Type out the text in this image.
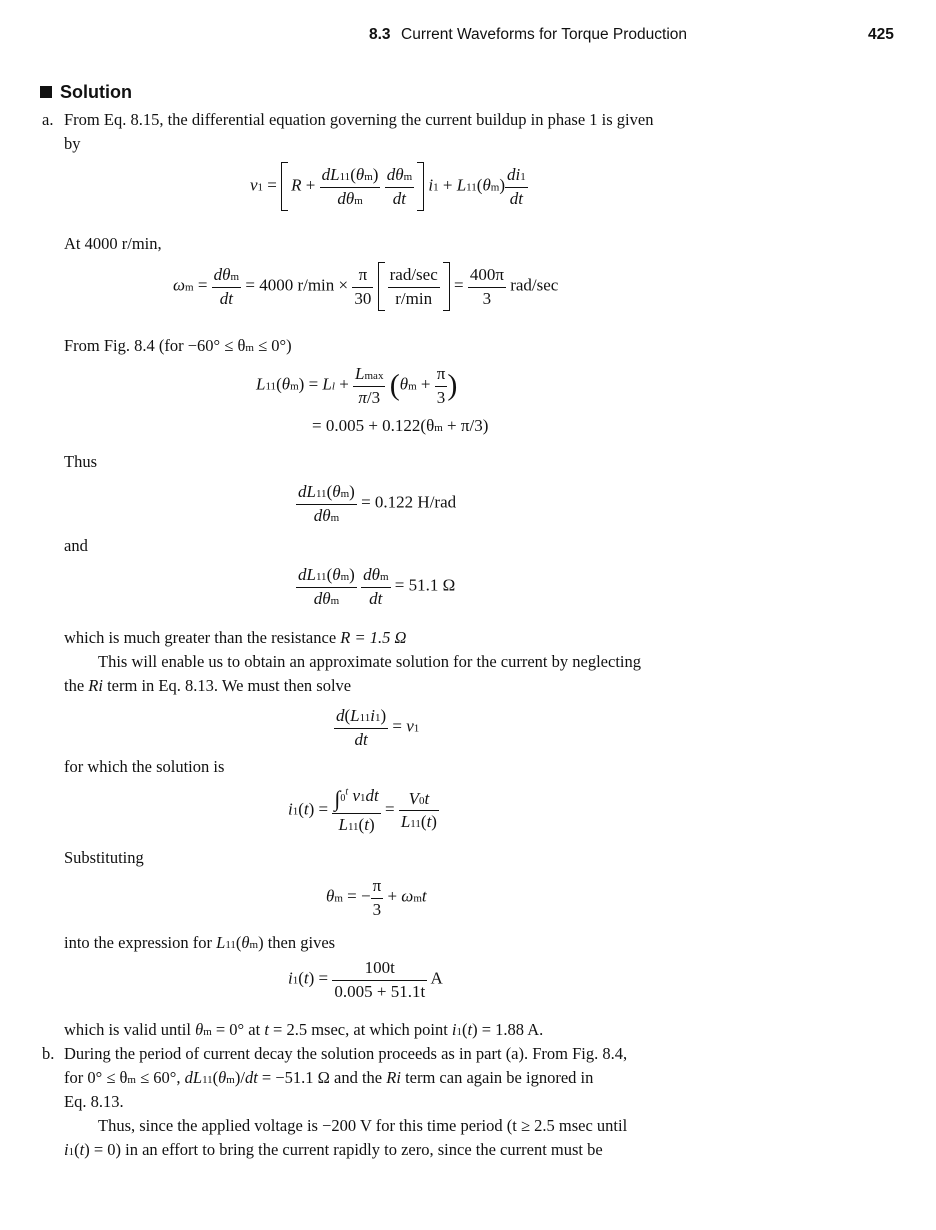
8.3 Current Waveforms for Torque Production	425
Solution
a. From Eq. 8.15, the differential equation governing the current buildup in phase 1 is given
by
v1 =
$R + \frac{dL11(\theta m)}{\text{dθm}}$
$\frac{\text{dθm}}{dt} i1 + L11(\theta m) \frac{di1}{dt}$
At 4000 r/min,
$\omega m = \frac{\text{dθm}}{dt} = 4000$ $r/\min \times \frac{\pi}{30}$
$\frac{\text{rad/sec}}{r/\min} = \frac{400\pi}{3} rad/\sec$
From Fig. 8.4 (for −60° ≤ θm ≤ 0°)
$L11(\theta m) = Ll + \frac{Lmax}{\pi/3} (\theta m + \frac{\pi}{3}$ )
= 0.005 + 0.122(θm + π/3)
Thus
$\frac{dL11(\theta m)}{\text{dθm}} = 0.122$ H/rad
and
$\frac{dL11(\theta m)}{\text{dθm}}$
$\frac{\text{dθm}}{dt} = 51.1$ Ω
which is much greater than the resistance R = 1.5 Ω
This will enable us to obtain an approximate solution for the current by neglecting
the Ri term in Eq. 8.13. We must then solve
$\frac{d(L11i1)}{dt} = v1$
for which the solution is
$i1(t) = \frac{\int 0^t v1dt}{L11(t)} = \frac{V0t}{L11(t)}$
Substituting
θm = − $\frac{\pi}{3} + \omega mt$
into the expression for L11(θm) then gives
$i1(t) = \frac{100t}{0.005 + 51.1t}$ A
which is valid until θm = 0° at t = 2.5 msec, at which point i1(t) = 1.88 A.
b. During the period of current decay the solution proceeds as in part (a). From Fig. 8.4,
for 0° ≤ θm ≤ 60°, dL11(θm)/dt = −51.1 Ω and the Ri term can again be ignored in
Eq. 8.13.
Thus, since the applied voltage is −200 V for this time period (t ≥ 2.5 msec until
i1(t) = 0) in an effort to bring the current rapidly to zero, since the current must be
